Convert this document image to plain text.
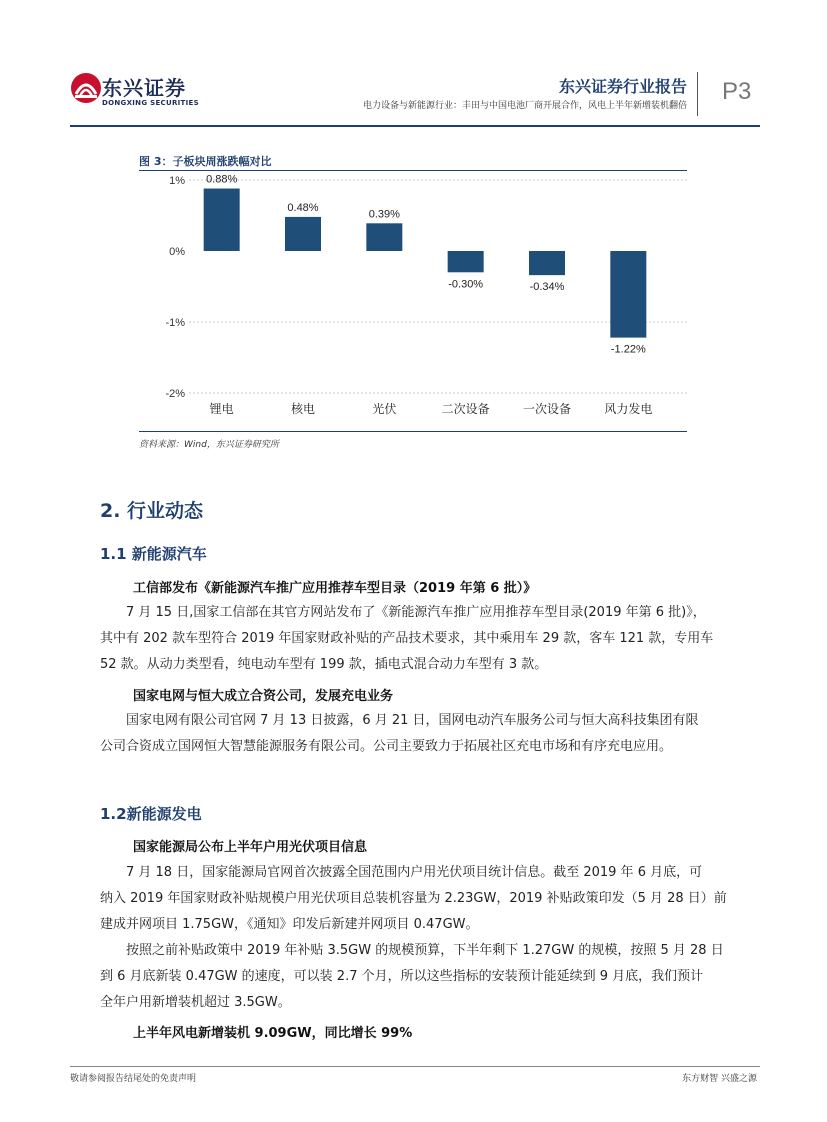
东兴证券
DONGXING SECURITIES
东兴证券行业报告
电力设备与新能源行业：丰田与中国电池厂商开展合作，风电上半年新增装机翻倍
P3
图 3：子板块周涨跌幅对比
1%
0%
-1%
-2%
0.88%
锂电
0.48%
核电
0.39%
光伏
-0.30%
二次设备
-0.34%
一次设备
-1.22%
风力发电
资料来源：Wind，东兴证券研究所
2. 行业动态
1.1 新能源汽车
工信部发布《新能源汽车推广应用推荐车型目录（2019 年第 6 批）》
7 月 15 日,国家工信部在其官方网站发布了《新能源汽车推广应用推荐车型目录(2019 年第 6 批)》，
其中有 202 款车型符合 2019 年国家财政补贴的产品技术要求，其中乘用车 29 款，客车 121 款，专用车
52 款。从动力类型看，纯电动车型有 199 款，插电式混合动力车型有 3 款。
国家电网与恒大成立合资公司，发展充电业务
国家电网有限公司官网 7 月 13 日披露，6 月 21 日，国网电动汽车服务公司与恒大高科技集团有限
公司合资成立国网恒大智慧能源服务有限公司。公司主要致力于拓展社区充电市场和有序充电应用。
1.2新能源发电
国家能源局公布上半年户用光伏项目信息
7 月 18 日，国家能源局官网首次披露全国范围内户用光伏项目统计信息。截至 2019 年 6 月底，可
纳入 2019 年国家财政补贴规模户用光伏项目总装机容量为 2.23GW，2019 补贴政策印发（5 月 28 日）前
建成并网项目 1.75GW，《通知》印发后新建并网项目 0.47GW。
按照之前补贴政策中 2019 年补贴 3.5GW 的规模预算，下半年剩下 1.27GW 的规模，按照 5 月 28 日
到 6 月底新装 0.47GW 的速度，可以装 2.7 个月，所以这些指标的安装预计能延续到 9 月底，我们预计
全年户用新增装机超过 3.5GW。
上半年风电新增装机 9.09GW，同比增长 99%
敬请参阅报告结尾处的免责声明	东方财智 兴盛之源
